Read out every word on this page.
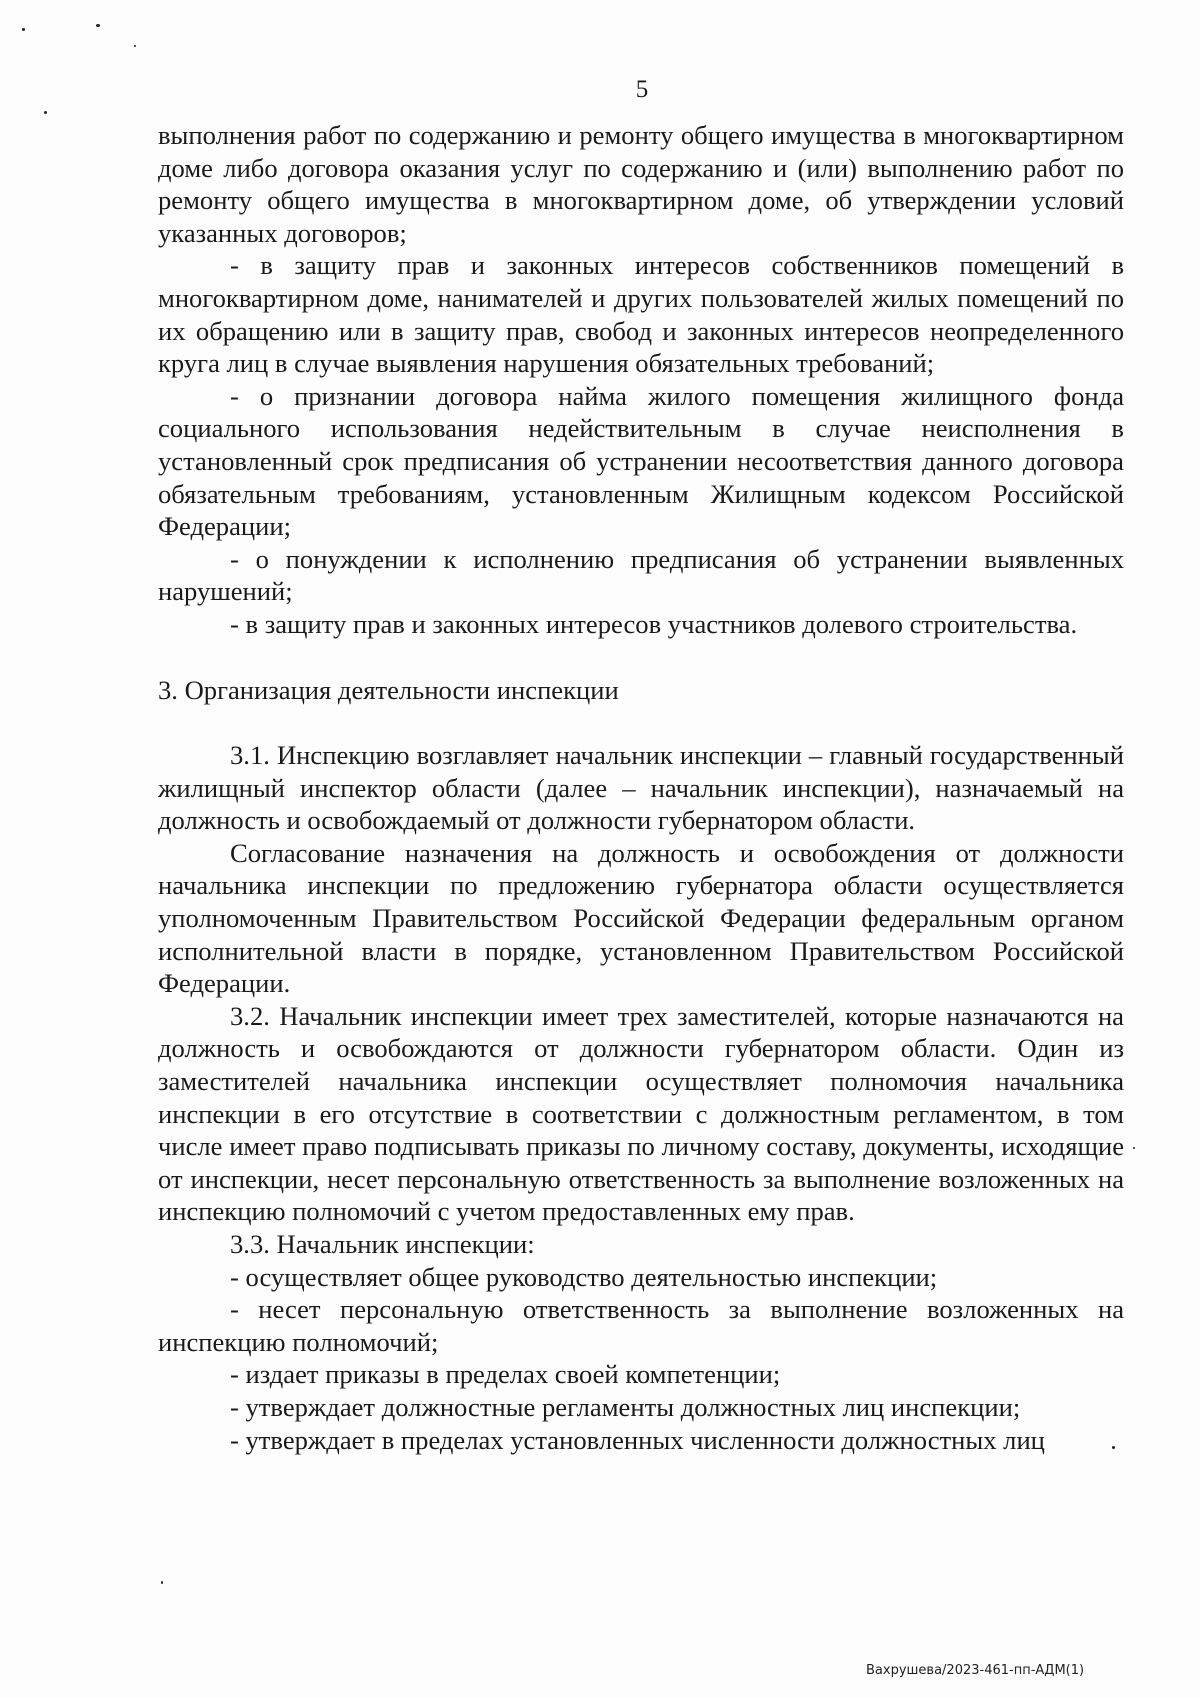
5

выполнения работ по содержанию и ремонту общего имущества в многоквартирном доме либо договора оказания услуг по содержанию и (или) выполнению работ по ремонту общего имущества в многоквартирном доме, об утверждении условий указанных договоров;

- в защиту прав и законных интересов собственников помещений в многоквартирном доме, нанимателей и других пользователей жилых помещений по их обращению или в защиту прав, свобод и законных интересов неопределенного круга лиц в случае выявления нарушения обязательных требований;

- о признании договора найма жилого помещения жилищного фонда социального использования недействительным в случае неисполнения в установленный срок предписания об устранении несоответствия данного договора обязательным требованиям, установленным Жилищным кодексом Российской Федерации;

- о понуждении к исполнению предписания об устранении выявленных нарушений;

- в защиту прав и законных интересов участников долевого строительства.

3. Организация деятельности инспекции

3.1. Инспекцию возглавляет начальник инспекции – главный государственный жилищный инспектор области (далее – начальник инспекции), назначаемый на должность и освобождаемый от должности губернатором области.

Согласование назначения на должность и освобождения от должности начальника инспекции по предложению губернатора области осуществляется уполномоченным Правительством Российской Федерации федеральным органом исполнительной власти в порядке, установленном Правительством Российской Федерации.

3.2. Начальник инспекции имеет трех заместителей, которые назначаются на должность и освобождаются от должности губернатором области. Один из заместителей начальника инспекции осуществляет полномочия начальника инспекции в его отсутствие в соответствии с должностным регламентом, в том числе имеет право подписывать приказы по личному составу, документы, исходящие от инспекции, несет персональную ответственность за выполнение возложенных на инспекцию полномочий с учетом предоставленных ему прав.

3.3. Начальник инспекции:

- осуществляет общее руководство деятельностью инспекции;

- несет персональную ответственность за выполнение возложенных на инспекцию полномочий;

- издает приказы в пределах своей компетенции;

- утверждает должностные регламенты должностных лиц инспекции;

- утверждает в пределах установленных численности должностных лиц

Вахрушева/2023-461-пп-АДМ(1)
